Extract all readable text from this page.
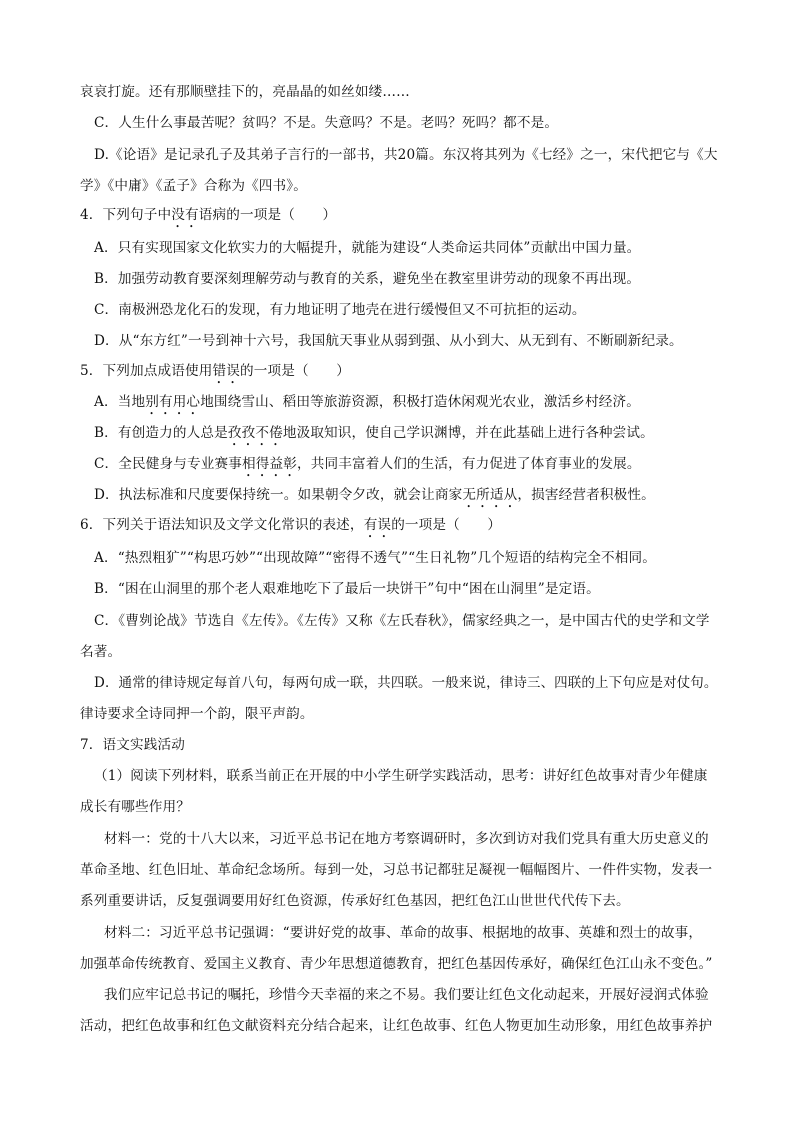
哀哀打旋。还有那顺壁挂下的，亮晶晶的如丝如缕……
C．人生什么事最苦呢？贫吗？不是。失意吗？不是。老吗？死吗？都不是。
D.《论语》是记录孔子及其弟子言行的一部书，共20篇。东汉将其列为《七经》之一，宋代把它与《大
学》《中庸》《孟子》合称为《四书》。
4．下列句子中没有语病的一项是（　　）
A．只有实现国家文化软实力的大幅提升，就能为建设“人类命运共同体”贡献出中国力量。
B．加强劳动教育要深刻理解劳动与教育的关系，避免坐在教室里讲劳动的现象不再出现。
C．南极洲恐龙化石的发现，有力地证明了地壳在进行缓慢但又不可抗拒的运动。
D．从“东方红”一号到神十六号，我国航天事业从弱到强、从小到大、从无到有、不断刷新纪录。
5．下列加点成语使用错误的一项是（　　）
A．当地别有用心地围绕雪山、稻田等旅游资源，积极打造休闲观光农业，激活乡村经济。
B．有创造力的人总是孜孜不倦地汲取知识，使自己学识渊博，并在此基础上进行各种尝试。
C．全民健身与专业赛事相得益彰，共同丰富着人们的生活，有力促进了体育事业的发展。
D．执法标准和尺度要保持统一。如果朝令夕改，就会让商家无所适从，损害经营者积极性。
6．下列关于语法知识及文学文化常识的表述，有误的一项是（　　）
A．“热烈粗犷”“构思巧妙”“出现故障”“密得不透气”“生日礼物”几个短语的结构完全不相同。
B．“困在山洞里的那个老人艰难地吃下了最后一块饼干”句中“困在山洞里”是定语。
C．《曹刿论战》节选自《左传》。《左传》又称《左氏春秋》，儒家经典之一，是中国古代的史学和文学
名著。
D．通常的律诗规定每首八句，每两句成一联，共四联。一般来说，律诗三、四联的上下句应是对仗句。
律诗要求全诗同押一个韵，限平声韵。
7．语文实践活动
（1）阅读下列材料，联系当前正在开展的中小学生研学实践活动，思考：讲好红色故事对青少年健康
成长有哪些作用？
材料一：党的十八大以来，习近平总书记在地方考察调研时，多次到访对我们党具有重大历史意义的
革命圣地、红色旧址、革命纪念场所。每到一处，习总书记都驻足凝视一幅幅图片、一件件实物，发表一
系列重要讲话，反复强调要用好红色资源，传承好红色基因，把红色江山世世代代传下去。
材料二：习近平总书记强调：“要讲好党的故事、革命的故事、根据地的故事、英雄和烈士的故事，
加强革命传统教育、爱国主义教育、青少年思想道德教育，把红色基因传承好，确保红色江山永不变色。”
我们应牢记总书记的嘱托，珍惜今天幸福的来之不易。我们要让红色文化动起来，开展好浸润式体验
活动，把红色故事和红色文献资料充分结合起来，让红色故事、红色人物更加生动形象，用红色故事养护
